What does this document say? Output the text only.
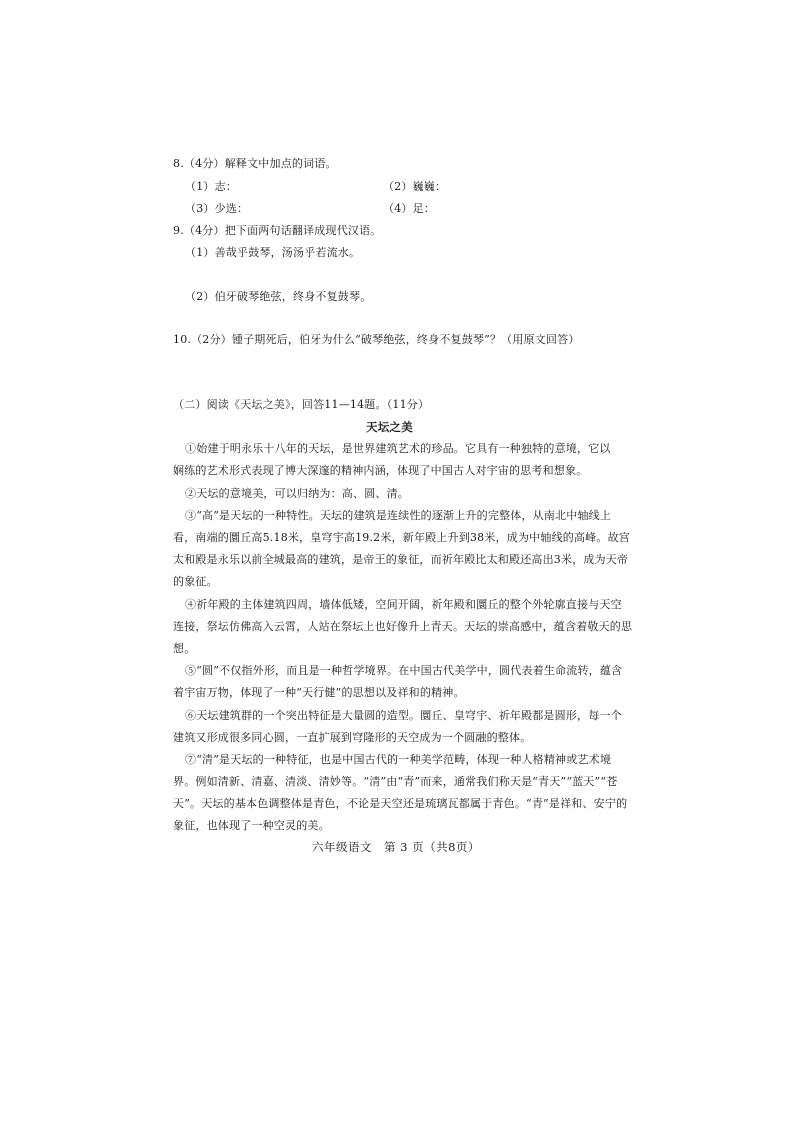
8.（4分）解释文中加点的词语。
（1）志：	（2）巍巍：
（3）少选：	（4）足：
9.（4分）把下面两句话翻译成现代汉语。
（1）善哉乎鼓琴，汤汤乎若流水。
（2）伯牙破琴绝弦，终身不复鼓琴。
10.（2分）锺子期死后，伯牙为什么“破琴绝弦，终身不复鼓琴”？（用原文回答）
（二）阅读《天坛之美》，回答11—14题。（11分）
天坛之美
①始建于明永乐十八年的天坛，是世界建筑艺术的珍品。它具有一种独特的意境，它以
娴练的艺术形式表现了博大深邃的精神内涵，体现了中国古人对宇宙的思考和想象。
②天坛的意境美，可以归纳为：高、圆、清。
③“高”是天坛的一种特性。天坛的建筑是连续性的逐渐上升的完整体，从南北中轴线上
看，南端的圜丘高5.18米，皇穹宇高19.2米，新年殿上升到38米，成为中轴线的高峰。故宫
太和殿是永乐以前全城最高的建筑，是帝王的象征，而祈年殿比太和殿还高出3米，成为天帝
的象征。
④祈年殿的主体建筑四周，墙体低矮，空间开阔，祈年殿和圜丘的整个外轮廓直接与天空
连接，祭坛仿佛高入云霄，人站在祭坛上也好像升上青天。天坛的崇高感中，蕴含着敬天的思
想。
⑤“圆”不仅指外形，而且是一种哲学境界。在中国古代美学中，圆代表着生命流转，蕴含
着宇宙万物，体现了一种“天行健”的思想以及祥和的精神。
⑥天坛建筑群的一个突出特征是大量圆的造型。圜丘、皇穹宇、祈年殿都是圆形，每一个
建筑又形成很多同心圆，一直扩展到穹隆形的天空成为一个圆融的整体。
⑦“清”是天坛的一种特征，也是中国古代的一种美学范畴，体现一种人格精神或艺术境
界。例如清新、清嘉、清淡、清妙等。“清”由“青”而来，通常我们称天是“青天”“蓝天”“苍
天”。天坛的基本色调整体是青色，不论是天空还是琉璃瓦都属于青色。“青”是祥和、安宁的
象征，也体现了一种空灵的美。
六年级语文　第 3 页（共8页）
